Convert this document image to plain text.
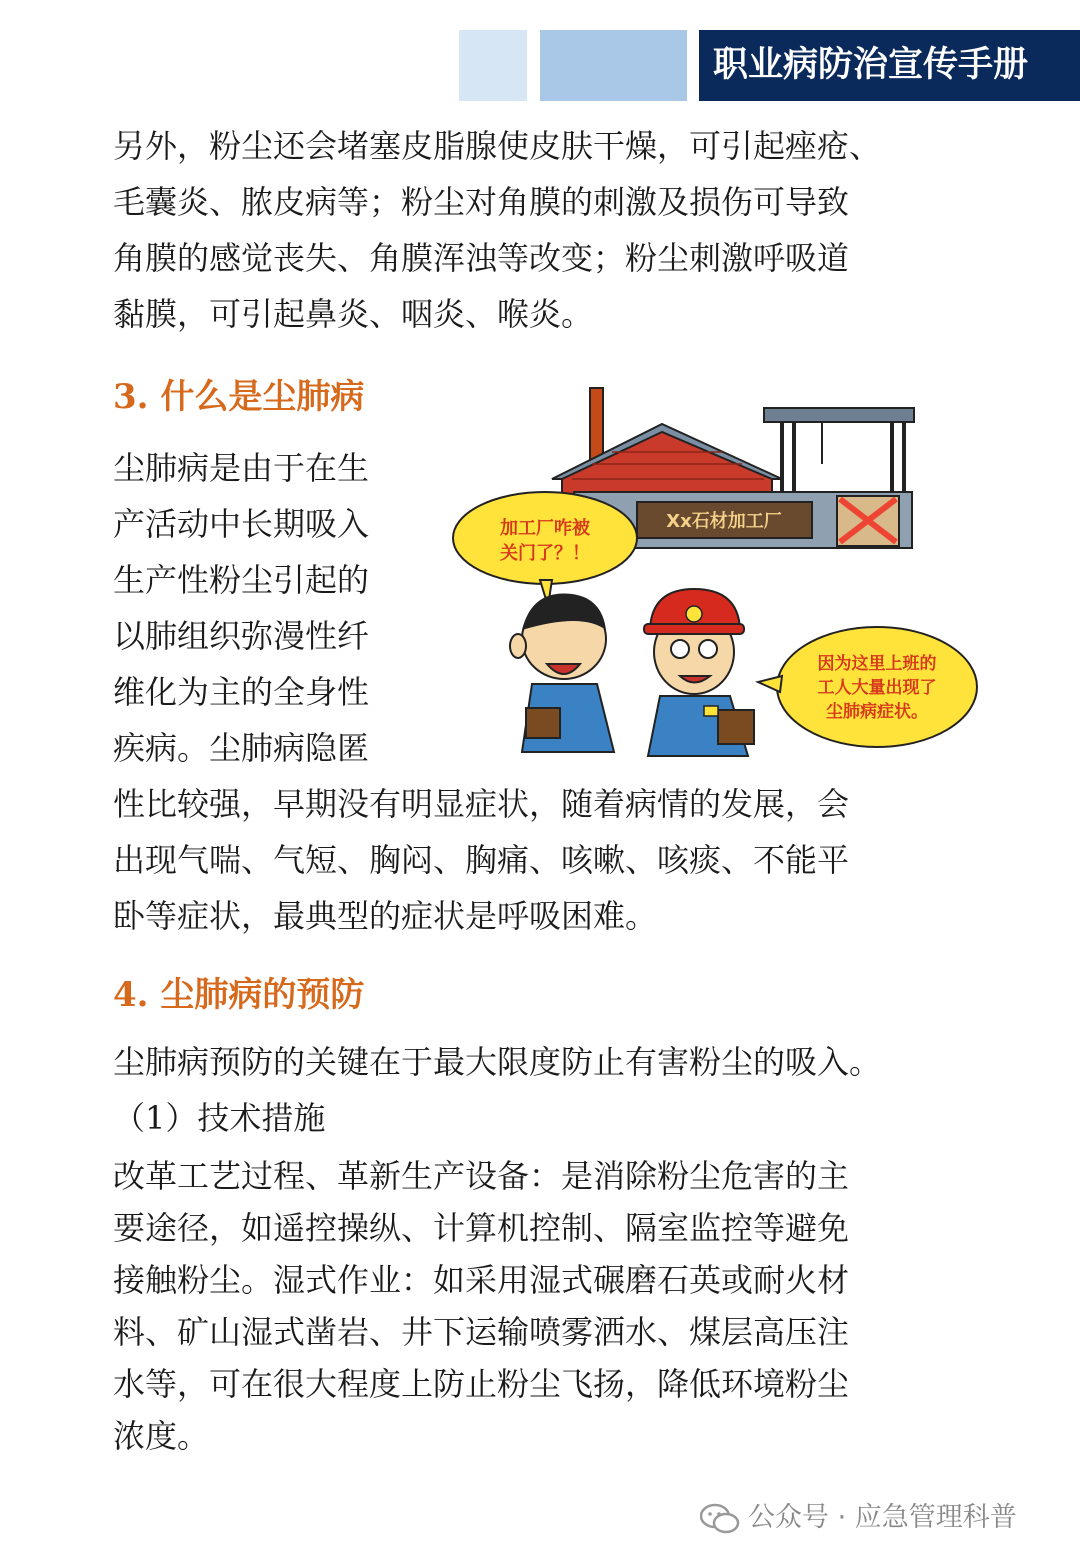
职业病防治宣传手册
另外，粉尘还会堵塞皮脂腺使皮肤干燥，可引起痤疮、
毛囊炎、脓皮病等；粉尘对角膜的刺激及损伤可导致
角膜的感觉丧失、角膜浑浊等改变；粉尘刺激呼吸道
黏膜，可引起鼻炎、咽炎、喉炎。
3. 什么是尘肺病
尘肺病是由于在生
产活动中长期吸入
生产性粉尘引起的
以肺组织弥漫性纤
维化为主的全身性
疾病。尘肺病隐匿
Xx石材加工厂
加工厂咋被
关门了？！
因为这里上班的
工人大量出现了
尘肺病症状。
性比较强，早期没有明显症状，随着病情的发展，会
出现气喘、气短、胸闷、胸痛、咳嗽、咳痰、不能平
卧等症状，最典型的症状是呼吸困难。
4. 尘肺病的预防
尘肺病预防的关键在于最大限度防止有害粉尘的吸入。
（1）技术措施
改革工艺过程、革新生产设备：是消除粉尘危害的主
要途径，如遥控操纵、计算机控制、隔室监控等避免
接触粉尘。湿式作业：如采用湿式碾磨石英或耐火材
料、矿山湿式凿岩、井下运输喷雾洒水、煤层高压注
水等，可在很大程度上防止粉尘飞扬，降低环境粉尘
浓度。
公众号 · 应急管理科普
